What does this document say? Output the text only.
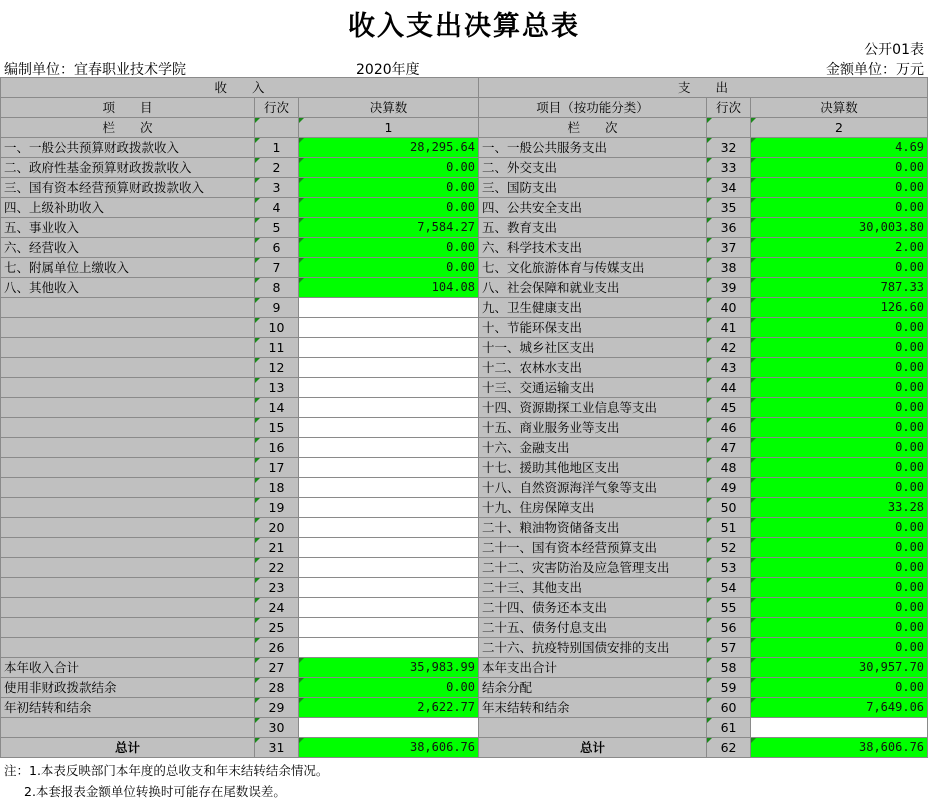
收入支出决算总表
公开01表
编制单位：宜春职业技术学院	2020年度	金额单位：万元
收　　入			支　　出		
项　　目	行次	决算数	项目（按功能分类）	行次	决算数
栏　　次		1	栏　　次		2
一、一般公共预算财政拨款收入	1	28,295.64	一、一般公共服务支出	32	4.69
二、政府性基金预算财政拨款收入	2	0.00	二、外交支出	33	0.00
三、国有资本经营预算财政拨款收入	3	0.00	三、国防支出	34	0.00
四、上级补助收入	4	0.00	四、公共安全支出	35	0.00
五、事业收入	5	7,584.27	五、教育支出	36	30,003.80
六、经营收入	6	0.00	六、科学技术支出	37	2.00
七、附属单位上缴收入	7	0.00	七、文化旅游体育与传媒支出	38	0.00
八、其他收入	8	104.08	八、社会保障和就业支出	39	787.33
	9		九、卫生健康支出	40	126.60
	10		十、节能环保支出	41	0.00
	11		十一、城乡社区支出	42	0.00
	12		十二、农林水支出	43	0.00
	13		十三、交通运输支出	44	0.00
	14		十四、资源勘探工业信息等支出	45	0.00
	15		十五、商业服务业等支出	46	0.00
	16		十六、金融支出	47	0.00
	17		十七、援助其他地区支出	48	0.00
	18		十八、自然资源海洋气象等支出	49	0.00
	19		十九、住房保障支出	50	33.28
	20		二十、粮油物资储备支出	51	0.00
	21		二十一、国有资本经营预算支出	52	0.00
	22		二十二、灾害防治及应急管理支出	53	0.00
	23		二十三、其他支出	54	0.00
	24		二十四、债务还本支出	55	0.00
	25		二十五、债务付息支出	56	0.00
	26		二十六、抗疫特别国债安排的支出	57	0.00
本年收入合计	27	35,983.99	本年支出合计	58	30,957.70
使用非财政拨款结余	28	0.00	结余分配	59	0.00
年初结转和结余	29	2,622.77	年末结转和结余	60	7,649.06
	30			61	
总计	31	38,606.76	总计	62	38,606.76
注：1.本表反映部门本年度的总收支和年末结转结余情况。
2.本套报表金额单位转换时可能存在尾数误差。
